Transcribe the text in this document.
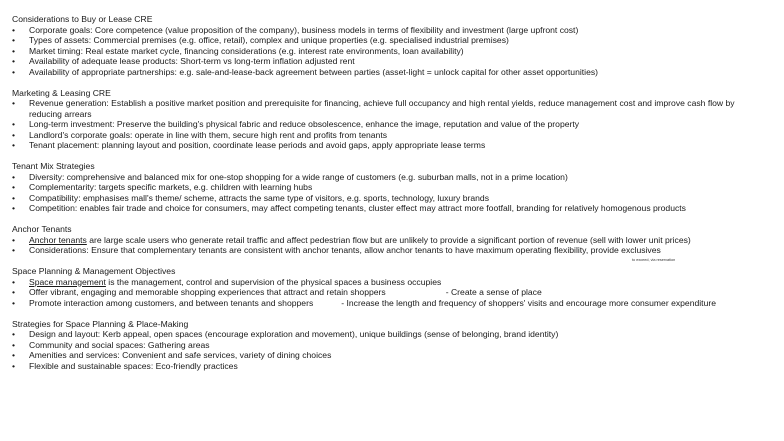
Considerations to Buy or Lease CRE
• Corporate goals: Core competence (value proposition of the company), business models in terms of flexibility and investment (large upfront cost)
• Types of assets: Commercial premises (e.g. office, retail), complex and unique properties (e.g. specialised industrial premises)
• Market timing: Real estate market cycle, financing considerations (e.g. interest rate environments, loan availability)
• Availability of adequate lease products: Short-term vs long-term inflation adjusted rent
• Availability of appropriate partnerships: e.g. sale-and-lease-back agreement between parties (asset-light = unlock capital for other asset opportunities)
Marketing & Leasing CRE
• Revenue generation: Establish a positive market position and prerequisite for financing, achieve full occupancy and high rental yields, reduce management cost and improve cash flow by reducing arrears
• Long-term investment: Preserve the building's physical fabric and reduce obsolescence, enhance the image, reputation and value of the property
• Landlord's corporate goals: operate in line with them, secure high rent and profits from tenants
• Tenant placement: planning layout and position, coordinate lease periods and avoid gaps, apply appropriate lease terms
Tenant Mix Strategies
• Diversity: comprehensive and balanced mix for one-stop shopping for a wide range of customers (e.g. suburban malls, not in a prime location)
• Complementarity: targets specific markets, e.g. children with learning hubs
• Compatibility: emphasises mall's theme/ scheme, attracts the same type of visitors, e.g. sports, technology, luxury brands
• Competition: enables fair trade and choice for consumers, may affect competing tenants, cluster effect may attract more footfall, branding for relatively homogenous products
Anchor Tenants
• Anchor tenants are large scale users who generate retail traffic and affect pedestrian flow but are unlikely to provide a significant portion of revenue (sell with lower unit prices)
• Considerations: Ensure that complementary tenants are consistent with anchor tenants, allow anchor tenants to have maximum operating flexibility, provide exclusives
Space Planning & Management Objectives
• Space management is the management, control and supervision of the physical spaces a business occupies
• Offer vibrant, engaging and memorable shopping experiences that attract and retain shoppers	- Create a sense of place
• Promote interaction among customers, and between tenants and shoppers	- Increase the length and frequency of shoppers' visits and encourage more consumer expenditure
Strategies for Space Planning & Place-Making
• Design and layout: Kerb appeal, open spaces (encourage exploration and movement), unique buildings (sense of belonging, brand identity)
• Community and social spaces: Gathering areas
• Amenities and services: Convenient and safe services, variety of dining choices
• Flexible and sustainable spaces: Eco-friendly practices
to exceed, via reservation
